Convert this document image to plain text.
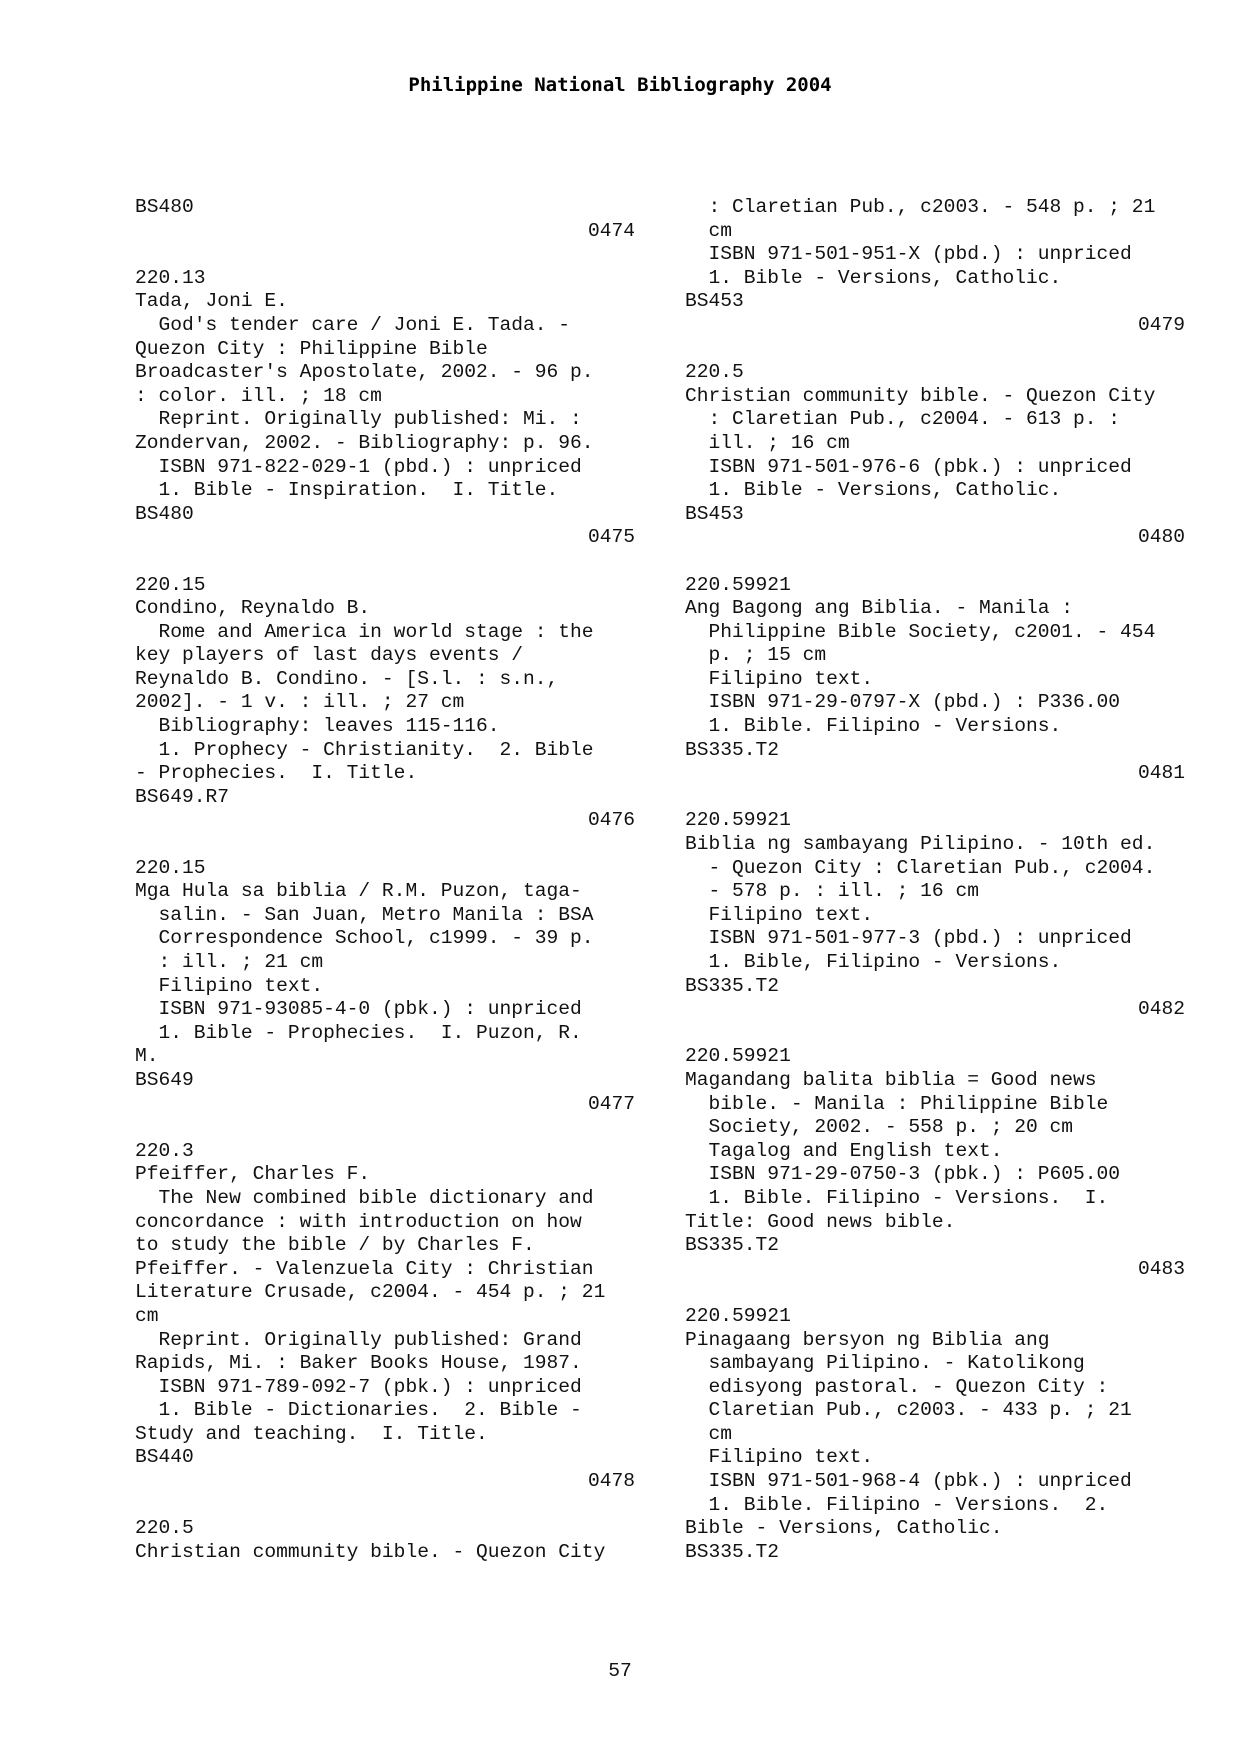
Philippine National Bibliography 2004
BS480
0474
220.13
Tada, Joni E.
God's tender care / Joni E. Tada. -
Quezon City : Philippine Bible
Broadcaster's Apostolate, 2002. - 96 p.
: color. ill. ; 18 cm
Reprint. Originally published: Mi. :
Zondervan, 2002. - Bibliography: p. 96.
ISBN 971-822-029-1 (pbd.) : unpriced
1. Bible - Inspiration.  I. Title.
BS480
0475
220.15
Condino, Reynaldo B.
Rome and America in world stage : the
key players of last days events /
Reynaldo B. Condino. - [S.l. : s.n.,
2002]. - 1 v. : ill. ; 27 cm
Bibliography: leaves 115-116.
1. Prophecy - Christianity.  2. Bible
- Prophecies.  I. Title.
BS649.R7
0476
220.15
Mga Hula sa biblia / R.M. Puzon, taga-
salin. - San Juan, Metro Manila : BSA
Correspondence School, c1999. - 39 p.
: ill. ; 21 cm
Filipino text.
ISBN 971-93085-4-0 (pbk.) : unpriced
1. Bible - Prophecies.  I. Puzon, R.
M.
BS649
0477
220.3
Pfeiffer, Charles F.
The New combined bible dictionary and
concordance : with introduction on how
to study the bible / by Charles F.
Pfeiffer. - Valenzuela City : Christian
Literature Crusade, c2004. - 454 p. ; 21
cm
Reprint. Originally published: Grand
Rapids, Mi. : Baker Books House, 1987.
ISBN 971-789-092-7 (pbk.) : unpriced
1. Bible - Dictionaries.  2. Bible -
Study and teaching.  I. Title.
BS440
0478
220.5
Christian community bible. - Quezon City
: Claretian Pub., c2003. - 548 p. ; 21
cm
ISBN 971-501-951-X (pbd.) : unpriced
1. Bible - Versions, Catholic.
BS453
0479
220.5
Christian community bible. - Quezon City
: Claretian Pub., c2004. - 613 p. :
ill. ; 16 cm
ISBN 971-501-976-6 (pbk.) : unpriced
1. Bible - Versions, Catholic.
BS453
0480
220.59921
Ang Bagong ang Biblia. - Manila :
Philippine Bible Society, c2001. - 454
p. ; 15 cm
Filipino text.
ISBN 971-29-0797-X (pbd.) : P336.00
1. Bible. Filipino - Versions.
BS335.T2
0481
220.59921
Biblia ng sambayang Pilipino. - 10th ed.
- Quezon City : Claretian Pub., c2004.
- 578 p. : ill. ; 16 cm
Filipino text.
ISBN 971-501-977-3 (pbd.) : unpriced
1. Bible, Filipino - Versions.
BS335.T2
0482
220.59921
Magandang balita biblia = Good news
bible. - Manila : Philippine Bible
Society, 2002. - 558 p. ; 20 cm
Tagalog and English text.
ISBN 971-29-0750-3 (pbk.) : P605.00
1. Bible. Filipino - Versions.  I.
Title: Good news bible.
BS335.T2
0483
220.59921
Pinagaang bersyon ng Biblia ang
sambayang Pilipino. - Katolikong
edisyong pastoral. - Quezon City :
Claretian Pub., c2003. - 433 p. ; 21
cm
Filipino text.
ISBN 971-501-968-4 (pbk.) : unpriced
1. Bible. Filipino - Versions.  2.
Bible - Versions, Catholic.
BS335.T2
57
